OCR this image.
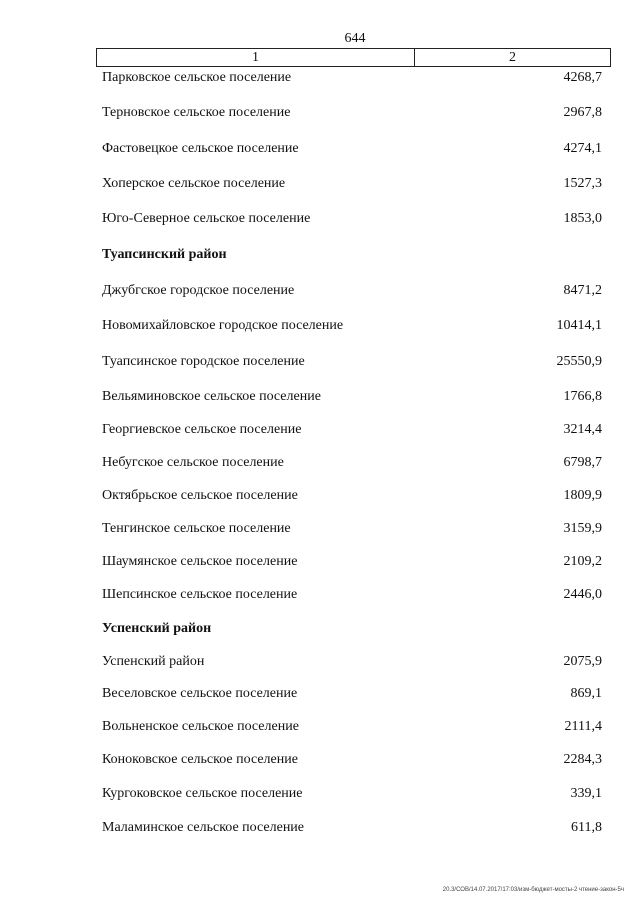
644
1	2
Парковское сельское поселение	4268,7
Терновское сельское поселение	2967,8
Фастовецкое сельское поселение	4274,1
Хоперское сельское поселение	1527,3
Юго-Северное сельское поселение	1853,0
Туапсинский район
Джубгское городское поселение	8471,2
Новомихайловское городское поселение	10414,1
Туапсинское городское поселение	25550,9
Вельяминовское сельское поселение	1766,8
Георгиевское сельское поселение	3214,4
Небугское сельское поселение	6798,7
Октябрьское сельское поселение	1809,9
Тенгинское сельское поселение	3159,9
Шаумянское сельское поселение	2109,2
Шепсинское сельское поселение	2446,0
Успенский район
Успенский район	2075,9
Веселовское сельское поселение	869,1
Вольненское сельское поселение	2111,4
Коноковское сельское поселение	2284,3
Кургоковское сельское поселение	339,1
Маламинское сельское поселение	611,8
20.3/СОВ/14.07.2017/17:03/изм-бюджет-мосты-2 чтение-закон-5ч
